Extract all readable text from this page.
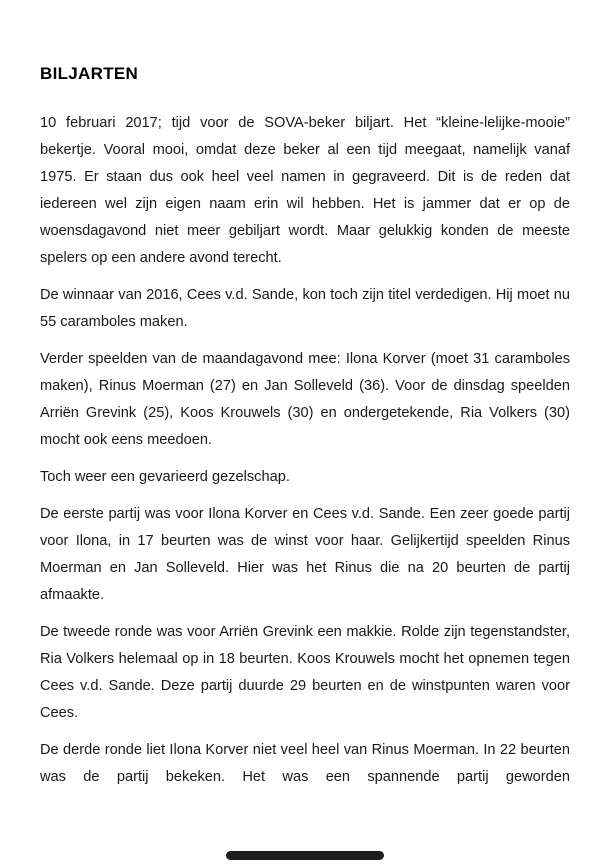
BILJARTEN

10 februari 2017; tijd voor de SOVA-beker biljart. Het “kleine-lelijke-mooie” bekertje. Vooral mooi, omdat deze beker al een tijd meegaat, namelijk vanaf 1975. Er staan dus ook heel veel namen in gegraveerd. Dit is de reden dat iedereen wel zijn eigen naam erin wil hebben. Het is jammer dat er op de woensdagavond niet meer gebiljart wordt. Maar gelukkig konden de meeste spelers op een andere avond terecht.

De winnaar van 2016, Cees v.d. Sande, kon toch zijn titel verdedigen. Hij moet nu 55 caramboles maken.

Verder speelden van de maandagavond mee: Ilona Korver (moet 31 caramboles maken), Rinus Moerman (27) en Jan Solleveld (36). Voor de dinsdag speelden Arriën Grevink (25), Koos Krouwels (30) en ondergetekende, Ria Volkers (30) mocht ook eens meedoen.

Toch weer een gevarieerd gezelschap.

De eerste partij was voor Ilona Korver en Cees v.d. Sande. Een zeer goede partij voor Ilona, in 17 beurten was de winst voor haar. Gelijkertijd speelden Rinus Moerman en Jan Solleveld. Hier was het Rinus die na 20 beurten de partij afmaakte.

De tweede ronde was voor Arriën Grevink een makkie. Rolde zijn tegenstandster, Ria Volkers helemaal op in 18 beurten. Koos Krouwels mocht het opnemen tegen Cees v.d. Sande. Deze partij duurde 29 beurten en de winstpunten waren voor Cees.

De derde ronde liet Ilona Korver niet veel heel van Rinus Moerman. In 22 beurten was de partij bekeken. Het was een spannende partij geworden
